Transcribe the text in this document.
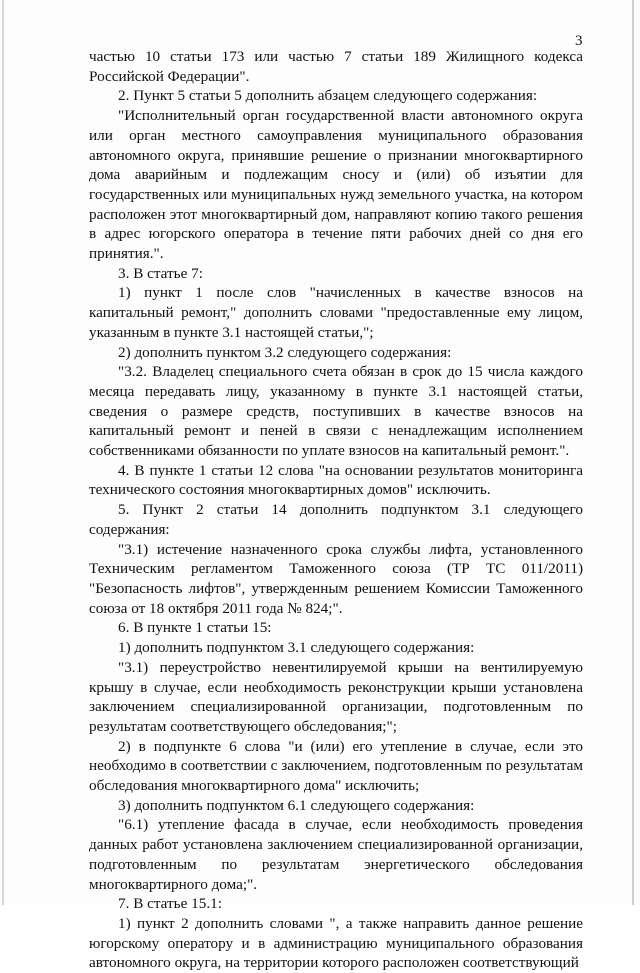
3

частью 10 статьи 173 или частью 7 статьи 189 Жилищного кодекса Российской Федерации".

2. Пункт 5 статьи 5 дополнить абзацем следующего содержания:

"Исполнительный орган государственной власти автономного округа или орган местного самоуправления муниципального образования автономного округа, принявшие решение о признании многоквартирного дома аварийным и подлежащим сносу и (или) об изъятии для государственных или муниципальных нужд земельного участка, на котором расположен этот многоквартирный дом, направляют копию такого решения в адрес югорского оператора в течение пяти рабочих дней со дня его принятия.".

3. В статье 7:

1) пункт 1 после слов "начисленных в качестве взносов на капитальный ремонт," дополнить словами "предоставленные ему лицом, указанным в пункте 3.1 настоящей статьи,";

2) дополнить пунктом 3.2 следующего содержания:

"3.2. Владелец специального счета обязан в срок до 15 числа каждого месяца передавать лицу, указанному в пункте 3.1 настоящей статьи, сведения о размере средств, поступивших в качестве взносов на капитальный ремонт и пеней в связи с ненадлежащим исполнением собственниками обязанности по уплате взносов на капитальный ремонт.".

4. В пункте 1 статьи 12 слова "на основании результатов мониторинга технического состояния многоквартирных домов" исключить.

5. Пункт 2 статьи 14 дополнить подпунктом 3.1 следующего содержания:

"3.1) истечение назначенного срока службы лифта, установленного Техническим регламентом Таможенного союза (ТР ТС 011/2011) "Безопасность лифтов", утвержденным решением Комиссии Таможенного союза от 18 октября 2011 года № 824;".

6. В пункте 1 статьи 15:

1) дополнить подпунктом 3.1 следующего содержания:

"3.1) переустройство невентилируемой крыши на вентилируемую крышу в случае, если необходимость реконструкции крыши установлена заключением специализированной организации, подготовленным по результатам соответствующего обследования;";

2) в подпункте 6 слова "и (или) его утепление в случае, если это необходимо в соответствии с заключением, подготовленным по результатам обследования многоквартирного дома" исключить;

3) дополнить подпунктом 6.1 следующего содержания:

"6.1) утепление фасада в случае, если необходимость проведения данных работ установлена заключением специализированной организации, подготовленным по результатам энергетического обследования многоквартирного дома;".

7. В статье 15.1:

1) пункт 2 дополнить словами ", а также направить данное решение югорскому оператору и в администрацию муниципального образования автономного округа, на территории которого расположен соответствующий
